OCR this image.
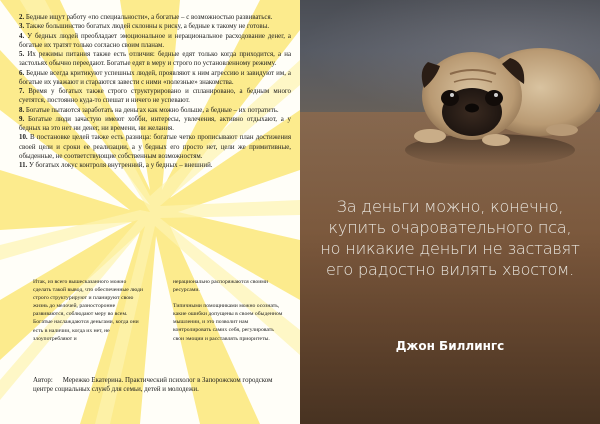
2. Бедные ищут работу «по специальности», а богатые – с возможностью развиваться.
3. Также большинство богатых людей склонны к риску, а бедные к такому не готовы.
4. У бедных людей преобладает эмоциональное и нерациональное расходование денег, а богатые их тратят только согласно своим планам.
5. Их режимы питания также есть отличия: бедные едят только когда приходится, а на застольях обычно переедают. Богатые едят в меру и строго по установленному режиму.
6. Бедные всегда критикуют успешных людей, проявляют к ним агрессию и завидуют им, а богатые их уважают и стараются завести с ними «полезные» знакомства.
7. Время у богатых также строго структурировано и спланировано, а бедным много суетятся, постоянно куда-то спешат и ничего не успевают.
8. Богатые пытаются заработать на деньгах как можно больше, а бедные – их потратить.
9. Богатые люди зачастую имеют хобби, интересы, увлечения, активно отдыхают, а у бедных на это нет ни денег, ни времени, ни желания.
10. В постановке целей также есть разница: богатые четко прописывают план достижения своей цели и сроки ее реализации, а у бедных его просто нет, цели же примитивные, обыденные, не соответствующие собственным возможностям.
11. У богатых локус контроля внутренний, а у бедных – внешний.

Итак, из всего вышесказанного можно сделать такой вывод, что обеспеченные люди строго структурируют и планируют свою жизнь до мелочей, разносторонне развиваются, соблюдают меру во всем. Богатые наслаждаются деньгами, когда они есть в наличии, когда их нет, не злоупотребляют и

нерационально распоряжаются своими ресурсами.

Типичными помощниками можно осознать, какие ошибки допущены в своем обыденном мышлении, и это позволит нам контролировать самих себя, регулировать свои эмоции и расставлять приоритеты.

Автор: Мережко Екатерина. Практический психолог в Запорожском городском центре социальных служб для семьи, детей и молодежи.
За деньги можно, конечно,
купить очаровательного пса,
но никакие деньги не заставят
его радостно вилять хвостом.
Джон Биллингс
